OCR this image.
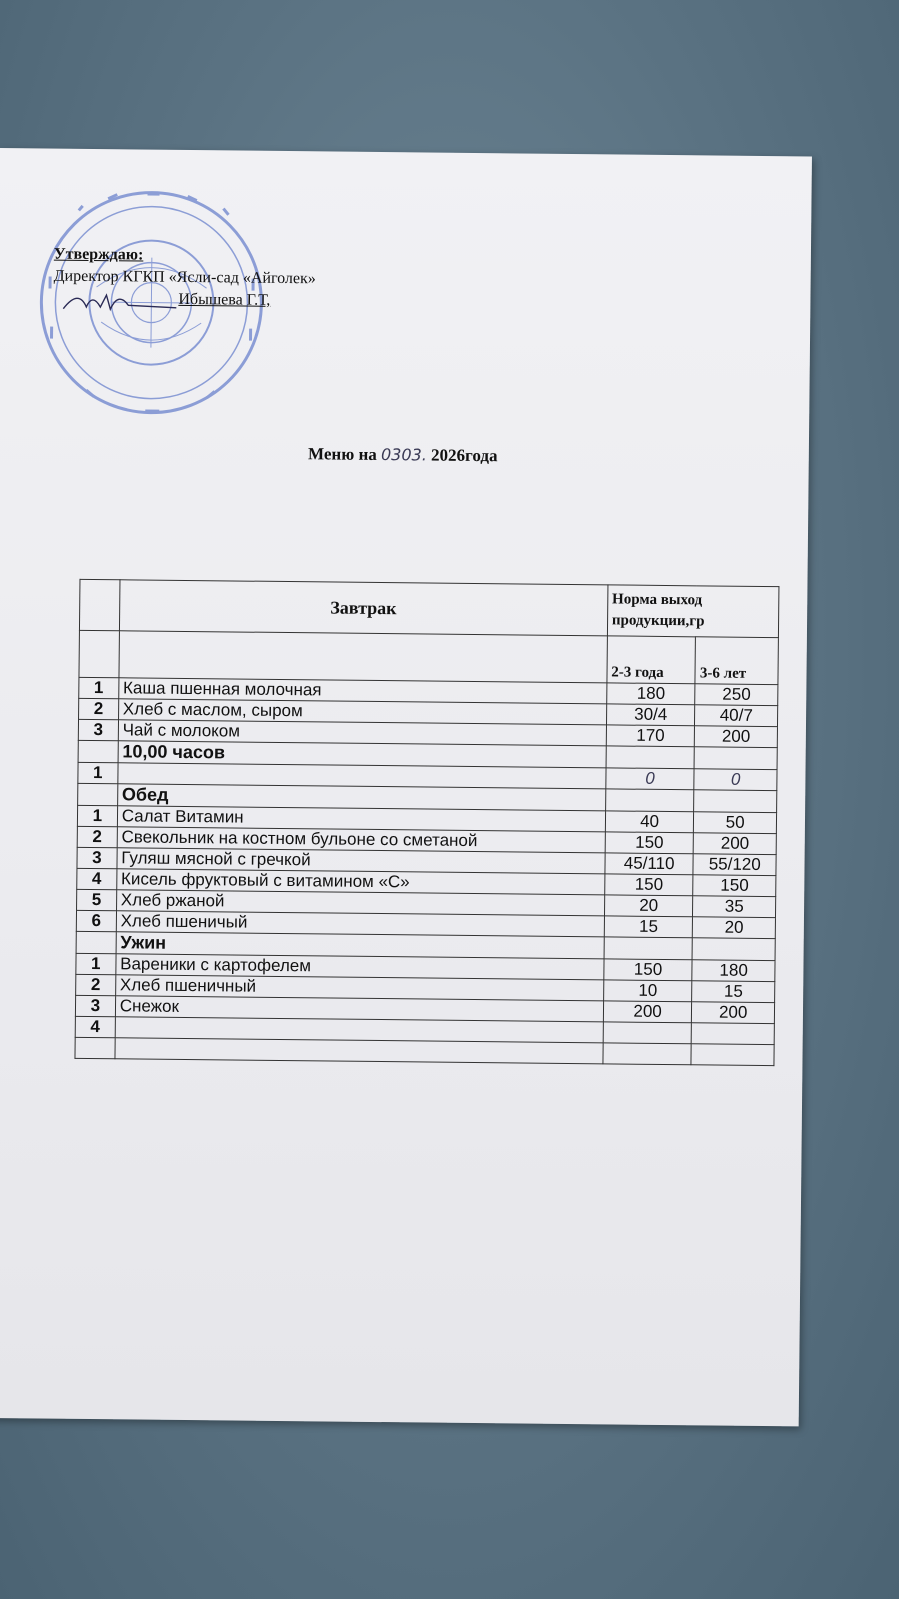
Утверждаю:
Директор КГКП «Ясли-сад «Айголек»
Ибышева Г.Т,
Меню на 0303. 2026года
	Завтрак	Норма выход продукции,гр	
		2-3 года	3-6 лет
1	Каша пшенная молочная	180	250
2	Хлеб с маслом, сыром	30/4	40/7
3	Чай с молоком	170	200
	10,00 часов		
1		0	0
	Обед		
1	Салат Витамин	40	50
2	Свекольник на костном бульоне со сметаной	150	200
3	Гуляш мясной с гречкой	45/110	55/120
4	Кисель фруктовый с витамином «С»	150	150
5	Хлеб ржаной	20	35
6	Хлеб пшеничый	15	20
	Ужин		
1	Вареники с картофелем	150	180
2	Хлеб пшеничный	10	15
3	Снежок	200	200
4			
